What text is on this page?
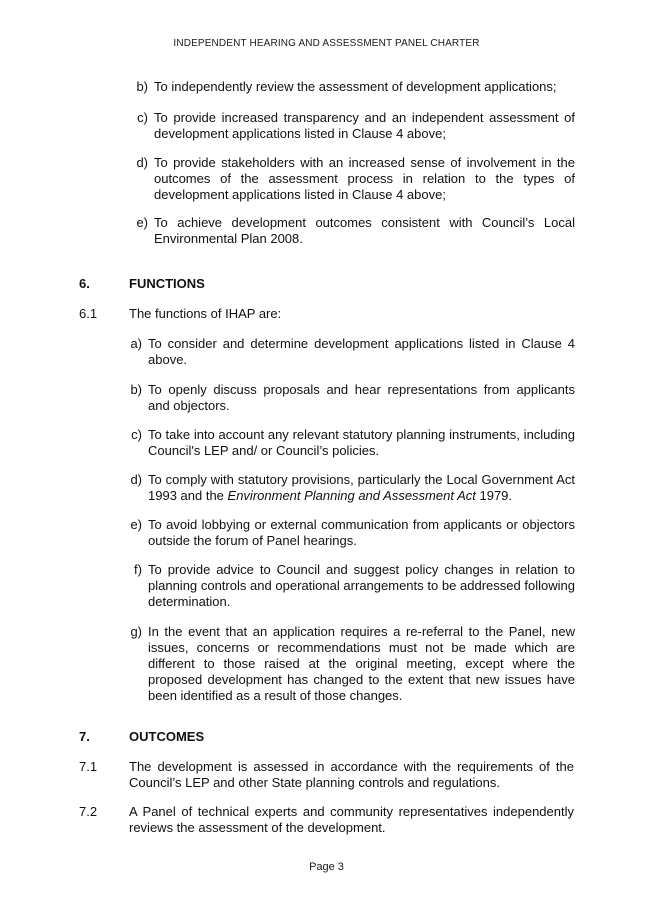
INDEPENDENT HEARING AND ASSESSMENT PANEL CHARTER
b) To independently review the assessment of development applications;
c) To provide increased transparency and an independent assessment of development applications listed in Clause 4 above;
d) To provide stakeholders with an increased sense of involvement in the outcomes of the assessment process in relation to the types of development applications listed in Clause 4 above;
e) To achieve development outcomes consistent with Council’s Local Environmental Plan 2008.
6.	FUNCTIONS
6.1 The functions of IHAP are:
a) To consider and determine development applications listed in Clause 4 above.
b) To openly discuss proposals and hear representations from applicants and objectors.
c) To take into account any relevant statutory planning instruments, including Council's LEP and/ or Council’s policies.
d) To comply with statutory provisions, particularly the Local Government Act 1993 and the Environment Planning and Assessment Act 1979.
e) To avoid lobbying or external communication from applicants or objectors outside the forum of Panel hearings.
f) To provide advice to Council and suggest policy changes in relation to planning controls and operational arrangements to be addressed following determination.
g) In the event that an application requires a re-referral to the Panel, new issues, concerns or recommendations must not be made which are different to those raised at the original meeting, except where the proposed development has changed to the extent that new issues have been identified as a result of those changes.
7.	OUTCOMES
7.1 The development is assessed in accordance with the requirements of the Council’s LEP and other State planning controls and regulations.
7.2 A Panel of technical experts and community representatives independently reviews the assessment of the development.
Page 3
